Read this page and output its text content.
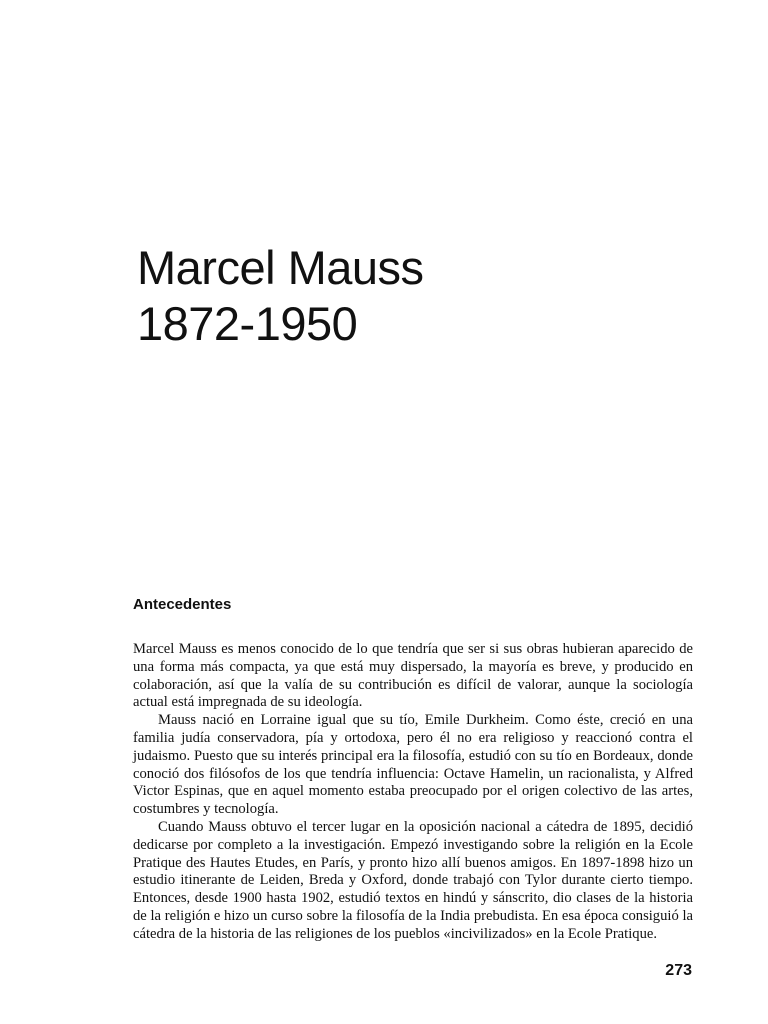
Marcel Mauss
1872-1950
Antecedentes

Marcel Mauss es menos conocido de lo que tendría que ser si sus obras hubieran aparecido de una forma más compacta, ya que está muy dispersado, la mayoría es breve, y producido en colaboración, así que la valía de su contribución es difícil de valorar, aunque la sociología actual está impregnada de su ideología.

Mauss nació en Lorraine igual que su tío, Emile Durkheim. Como éste, creció en una familia judía conservadora, pía y ortodoxa, pero él no era religioso y reaccionó contra el judaismo. Puesto que su interés principal era la filosofía, estudió con su tío en Bordeaux, donde conoció dos filósofos de los que tendría influencia: Octave Hamelin, un racionalista, y Alfred Victor Espinas, que en aquel momento estaba preocupado por el origen colectivo de las artes, costumbres y tecnología.

Cuando Mauss obtuvo el tercer lugar en la oposición nacional a cátedra de 1895, decidió dedicarse por completo a la investigación. Empezó investigando sobre la religión en la Ecole Pratique des Hautes Etudes, en París, y pronto hizo allí buenos amigos. En 1897-1898 hizo un estudio itinerante de Leiden, Breda y Oxford, donde trabajó con Tylor durante cierto tiempo. Entonces, desde 1900 hasta 1902, estudió textos en hindú y sánscrito, dio clases de la historia de la religión e hizo un curso sobre la filosofía de la India prebudista. En esa época consiguió la cátedra de la historia de las religiones de los pueblos «incivilizados» en la Ecole Pratique.

273
